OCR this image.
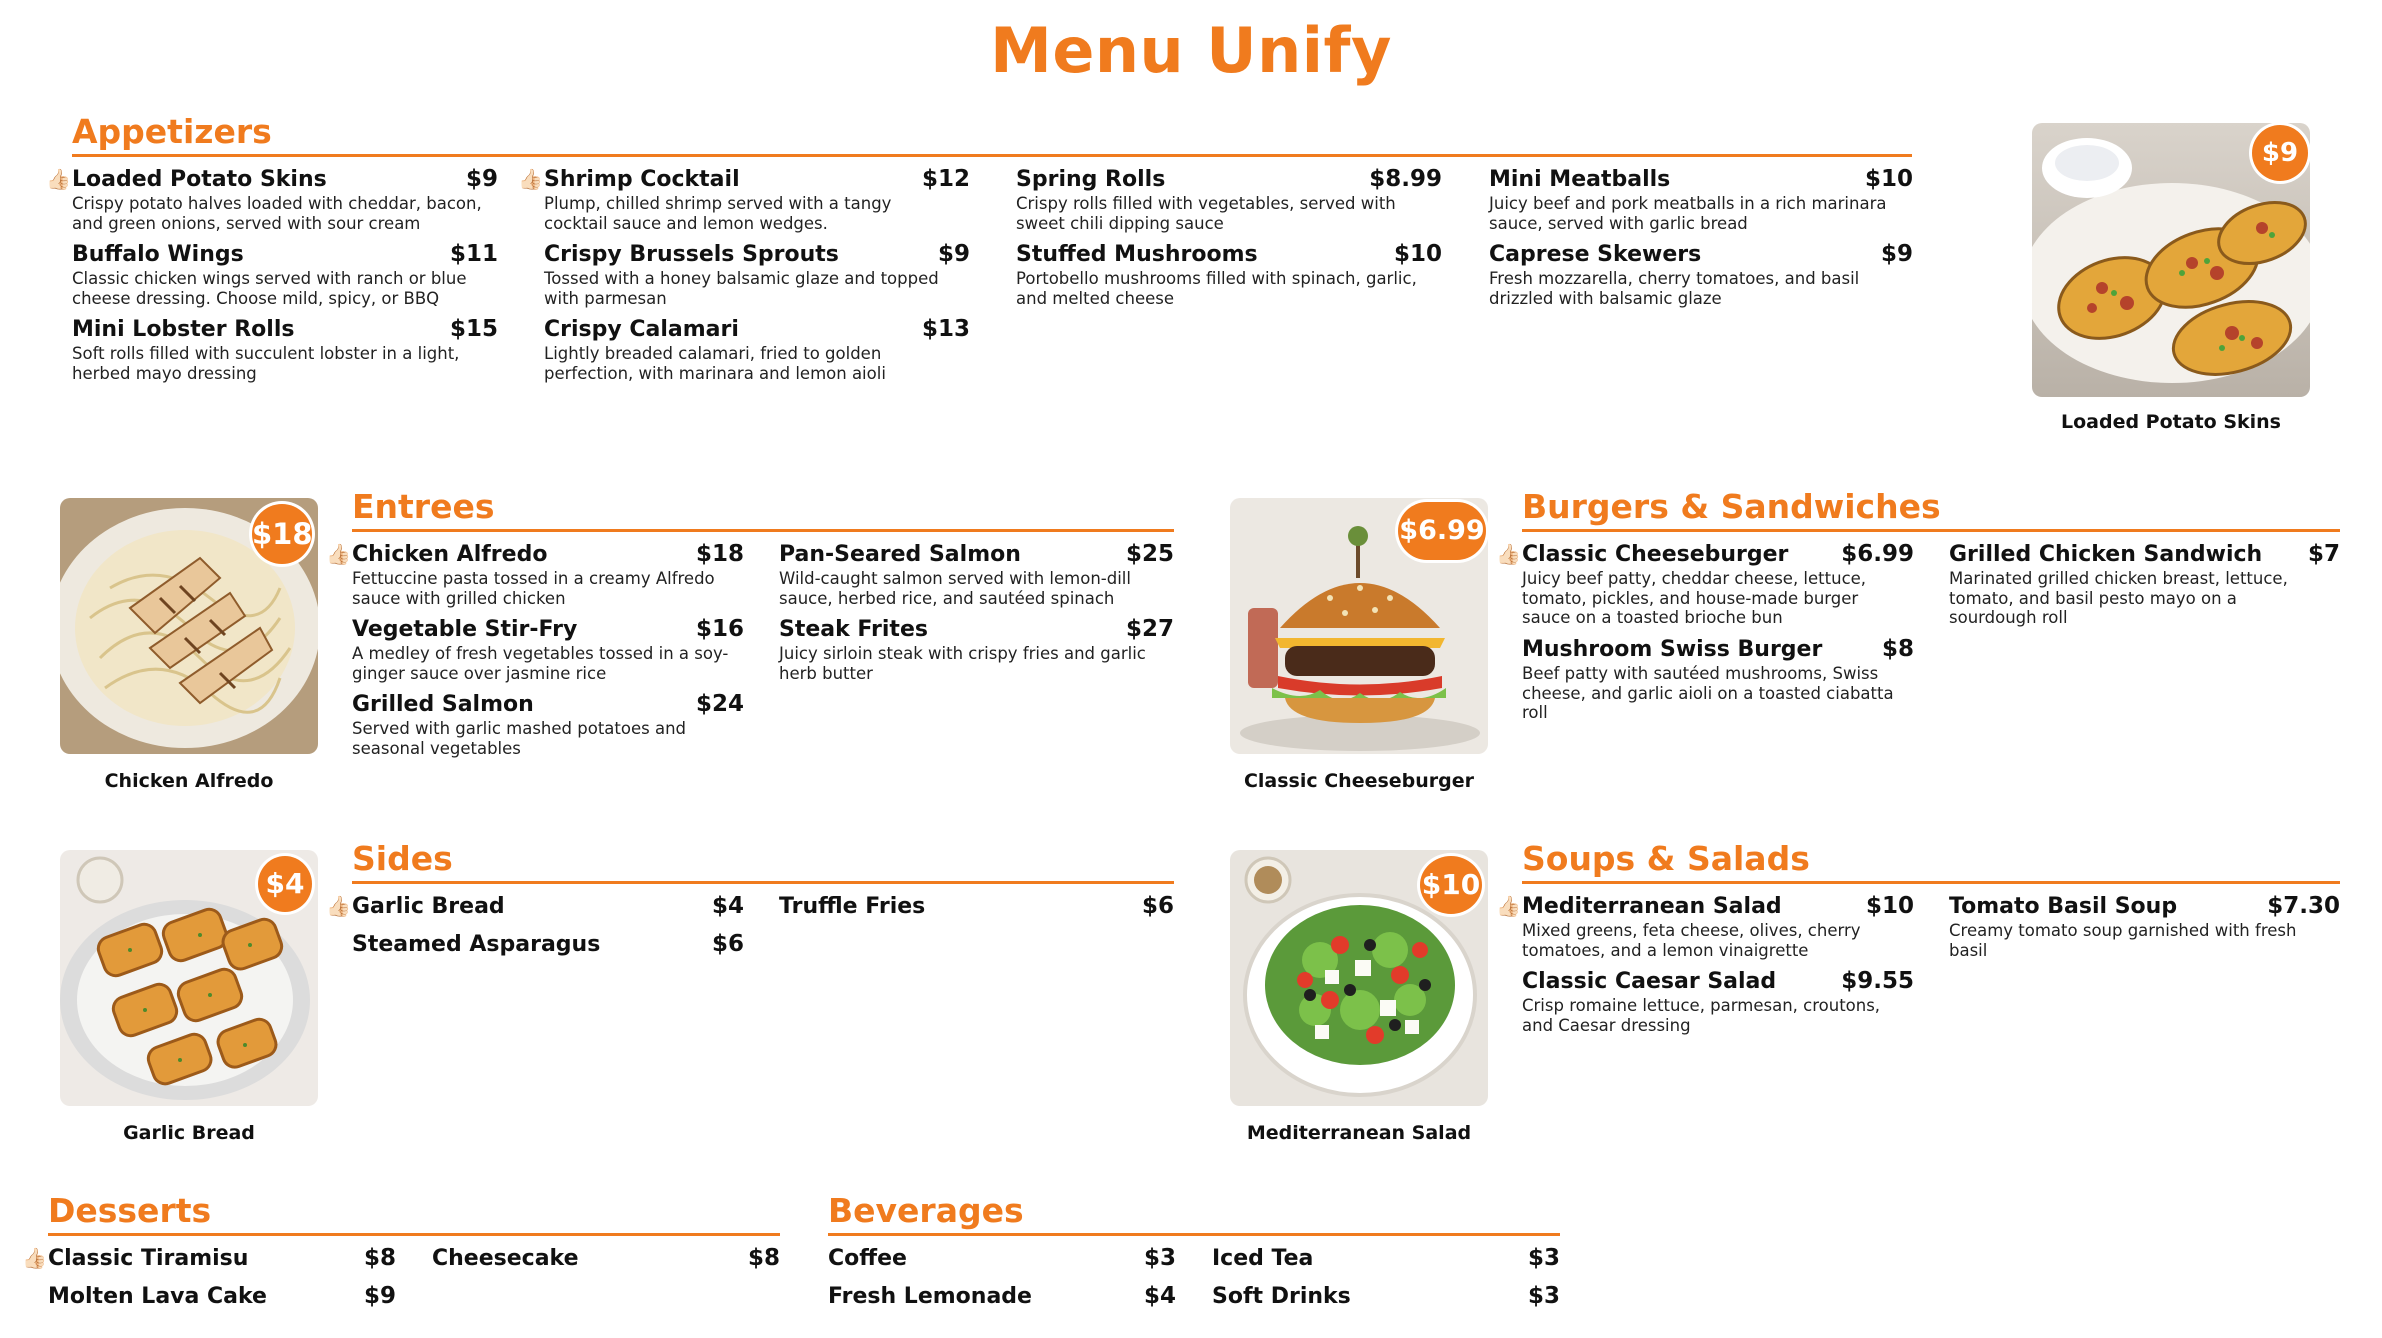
Menu Unify
Appetizers
👍🏻 Loaded Potato Skins	$9
Crispy potato halves loaded with cheddar, bacon, and green onions, served with sour cream
Buffalo Wings	$11
Classic chicken wings served with ranch or blue cheese dressing. Choose mild, spicy, or BBQ
Mini Lobster Rolls	$15
Soft rolls filled with succulent lobster in a light, herbed mayo dressing
👍🏻 Shrimp Cocktail	$12
Plump, chilled shrimp served with a tangy cocktail sauce and lemon wedges.
Crispy Brussels Sprouts	$9
Tossed with a honey balsamic glaze and topped with parmesan
Crispy Calamari	$13
Lightly breaded calamari, fried to golden perfection, with marinara and lemon aioli
Spring Rolls	$8.99
Crispy rolls filled with vegetables, served with sweet chili dipping sauce
Stuffed Mushrooms	$10
Portobello mushrooms filled with spinach, garlic, and melted cheese
Mini Meatballs	$10
Juicy beef and pork meatballs in a rich marinara sauce, served with garlic bread
Caprese Skewers	$9
Fresh mozzarella, cherry tomatoes, and basil drizzled with balsamic glaze
$9
Loaded Potato Skins
$18
Chicken Alfredo
Entrees
👍🏻 Chicken Alfredo	$18
Fettuccine pasta tossed in a creamy Alfredo sauce with grilled chicken
Vegetable Stir-Fry	$16
A medley of fresh vegetables tossed in a soy-ginger sauce over jasmine rice
Grilled Salmon	$24
Served with garlic mashed potatoes and seasonal vegetables
Pan-Seared Salmon	$25
Wild-caught salmon served with lemon-dill sauce, herbed rice, and sautéed spinach
Steak Frites	$27
Juicy sirloin steak with crispy fries and garlic herb butter
$6.99
Classic Cheeseburger
Burgers & Sandwiches
👍🏻 Classic Cheeseburger $6.99
Juicy beef patty, cheddar cheese, lettuce, tomato, pickles, and house-made burger sauce on a toasted brioche bun
Mushroom Swiss Burger	$8
Beef patty with sautéed mushrooms, Swiss cheese, and garlic aioli on a toasted ciabatta roll
Grilled Chicken Sandwich $7
Marinated grilled chicken breast, lettuce, tomato, and basil pesto mayo on a sourdough roll
$4
Garlic Bread
Sides
👍🏻 Garlic Bread	$4
Steamed Asparagus	$6
Truffle Fries	$6
$10
Mediterranean Salad
Soups & Salads
👍🏻 Mediterranean Salad	$10
Mixed greens, feta cheese, olives, cherry tomatoes, and a lemon vinaigrette
Classic Caesar Salad	$9.55
Crisp romaine lettuce, parmesan, croutons, and Caesar dressing
Tomato Basil Soup	$7.30
Creamy tomato soup garnished with fresh basil
Desserts
👍🏻 Classic Tiramisu	$8
Molten Lava Cake	$9
Cheesecake	$8
Beverages
Coffee	$3
Fresh Lemonade	$4
Iced Tea	$3
Soft Drinks	$3
